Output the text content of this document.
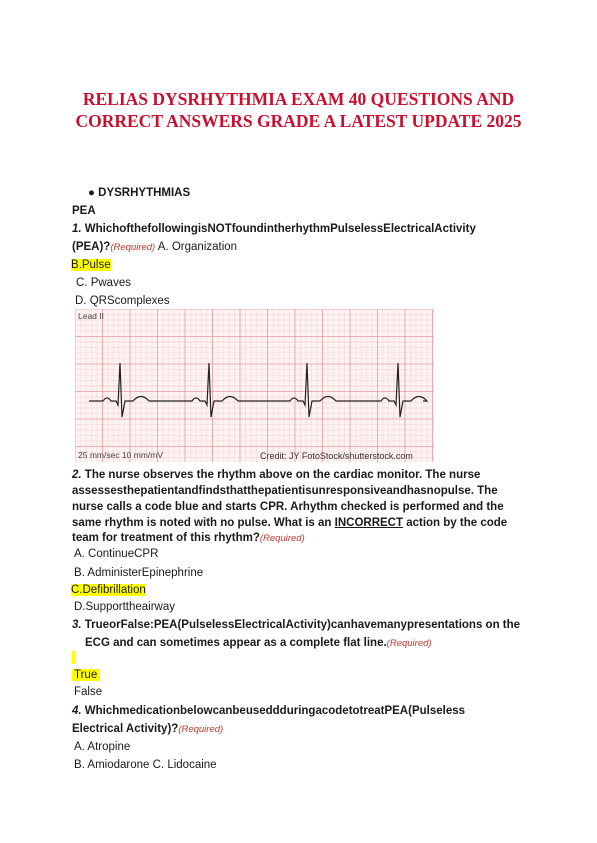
RELIAS DYSRHYTHMIA EXAM 40 QUESTIONS AND
CORRECT ANSWERS GRADE A LATEST UPDATE 2025
● DYSRHYTHMIAS
PEA
1. WhichofthefollowingisNOTfoundintherhythmPulselessElectricalActivity
(PEA)?(Required) A. Organization
B.Pulse
C. Pwaves
D. QRScomplexes
Lead II
25 mm/sec 10 mm/mV	Credit: JY FotoStock/shutterstock.com
2. The nurse observes the rhythm above on the cardiac monitor. The nurse
assessesthepatientandfindsthatthepatientisunresponsiveandhasnopulse. The
nurse calls a code blue and starts CPR. Arhythm checked is performed and the
same rhythm is noted with no pulse. What is an INCORRECT action by the code
team for treatment of this rhythm?(Required)
A. ContinueCPR
B. AdministerEpinephrine
C.Defibrillation
D.Supporttheairway
3. TrueorFalse:PEA(PulselessElectricalActivity)canhavemanypresentations on the
ECG and can sometimes appear as a complete flat line.(Required)
True
False
4. WhichmedicationbelowcanbeuseddduringacodetotreatPEA(Pulseless
Electrical Activity)?(Required)
A. Atropine
B. Amiodarone C. Lidocaine
